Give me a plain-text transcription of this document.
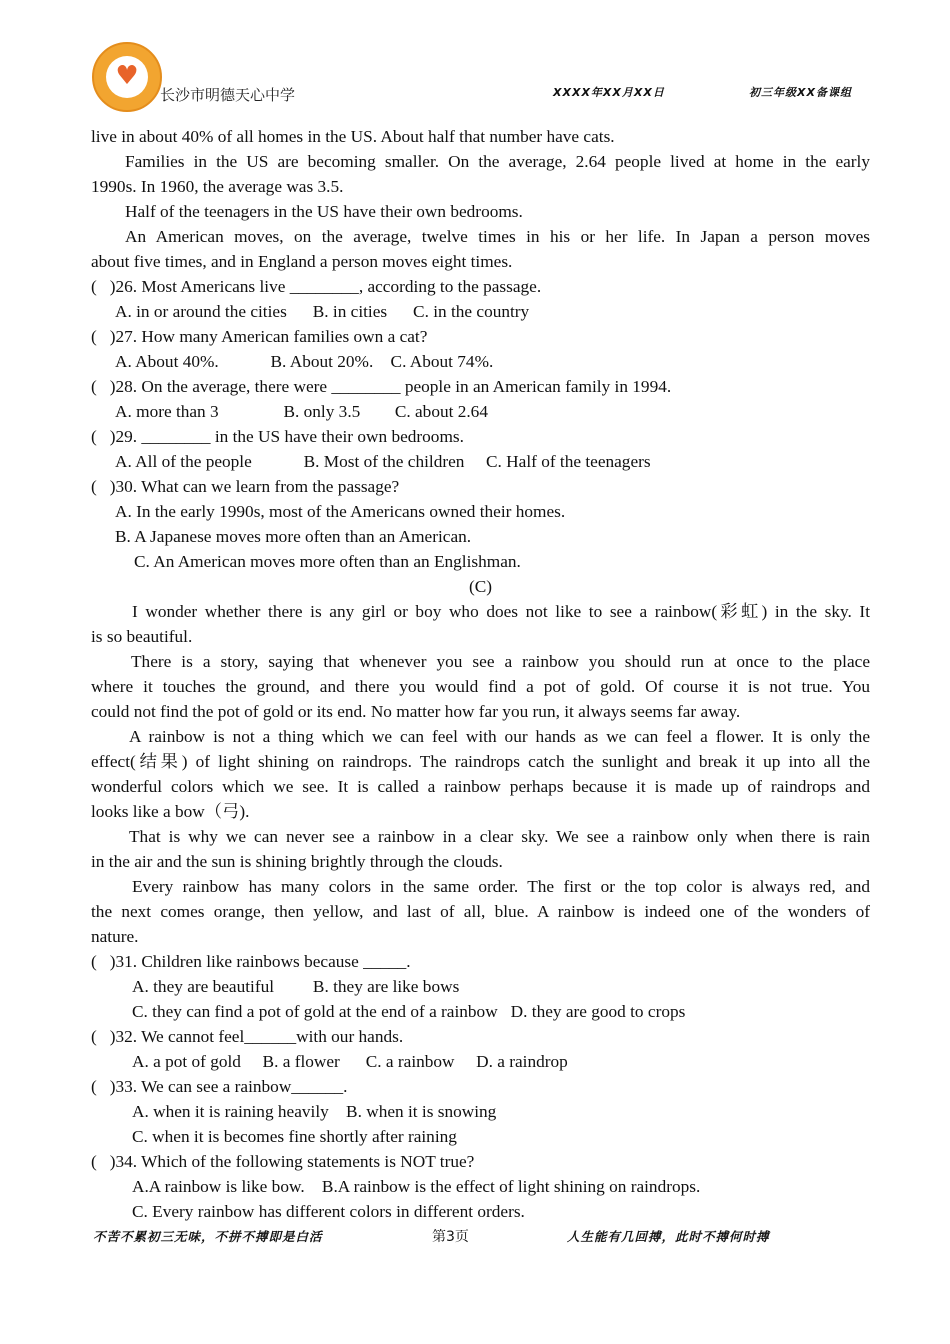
♥
长沙市明德天心中学	XXXX年XX月XX日	初三年级XX备课组
live in about 40% of all homes in the US. About half that number have cats.
Families in the US are becoming smaller. On the average, 2.64 people lived at home in the early
1990s. In 1960, the average was 3.5.
Half of the teenagers in the US have their own bedrooms.
An American moves, on the average, twelve times in his or her life. In Japan a person moves
about five times, and in England a person moves eight times.
(   )26. Most Americans live ________, according to the passage.
A. in or around the cities      B. in cities      C. in the country
(   )27. How many American families own a cat?
A. About 40%.            B. About 20%.    C. About 74%.
(   )28. On the average, there were ________ people in an American family in 1994.
A. more than 3               B. only 3.5        C. about 2.64
(   )29. ________ in the US have their own bedrooms.
A. All of the people            B. Most of the children     C. Half of the teenagers
(   )30. What can we learn from the passage?
A. In the early 1990s, most of the Americans owned their homes.
B. A Japanese moves more often than an American.
C. An American moves more often than an Englishman.
(C)
I wonder whether there is any girl or boy who does not like to see a rainbow(彩虹) in the sky. It
is so beautiful.
There is a story, saying that whenever you see a rainbow you should run at once to the place
where it touches the ground, and there you would find a pot of gold. Of course it is not true. You
could not find the pot of gold or its end. No matter how far you run, it always seems far away.
A rainbow is not a thing which we can feel with our hands as we can feel a flower. It is only the
effect(结果) of light shining on raindrops. The raindrops catch the sunlight and break it up into all the
wonderful colors which we see. It is called a rainbow perhaps because it is made up of raindrops and
looks like a bow（弓).
That is why we can never see a rainbow in a clear sky. We see a rainbow only when there is rain
in the air and the sun is shining brightly through the clouds.
Every rainbow has many colors in the same order. The first or the top color is always red, and
the next comes orange, then yellow, and last of all, blue. A rainbow is indeed one of the wonders of
nature.
(   )31. Children like rainbows because _____.
A. they are beautiful         B. they are like bows
C. they can find a pot of gold at the end of a rainbow   D. they are good to crops
(   )32. We cannot feel______with our hands.
A. a pot of gold     B. a flower      C. a rainbow     D. a raindrop
(   )33. We can see a rainbow______.
A. when it is raining heavily    B. when it is snowing
C. when it is becomes fine shortly after raining
(   )34. Which of the following statements is NOT true?
A.A rainbow is like bow.    B.A rainbow is the effect of light shining on raindrops.
C. Every rainbow has different colors in different orders.
不苦不累初三无味，不拼不搏即是白活	第3页	人生能有几回搏，此时不搏何时搏
